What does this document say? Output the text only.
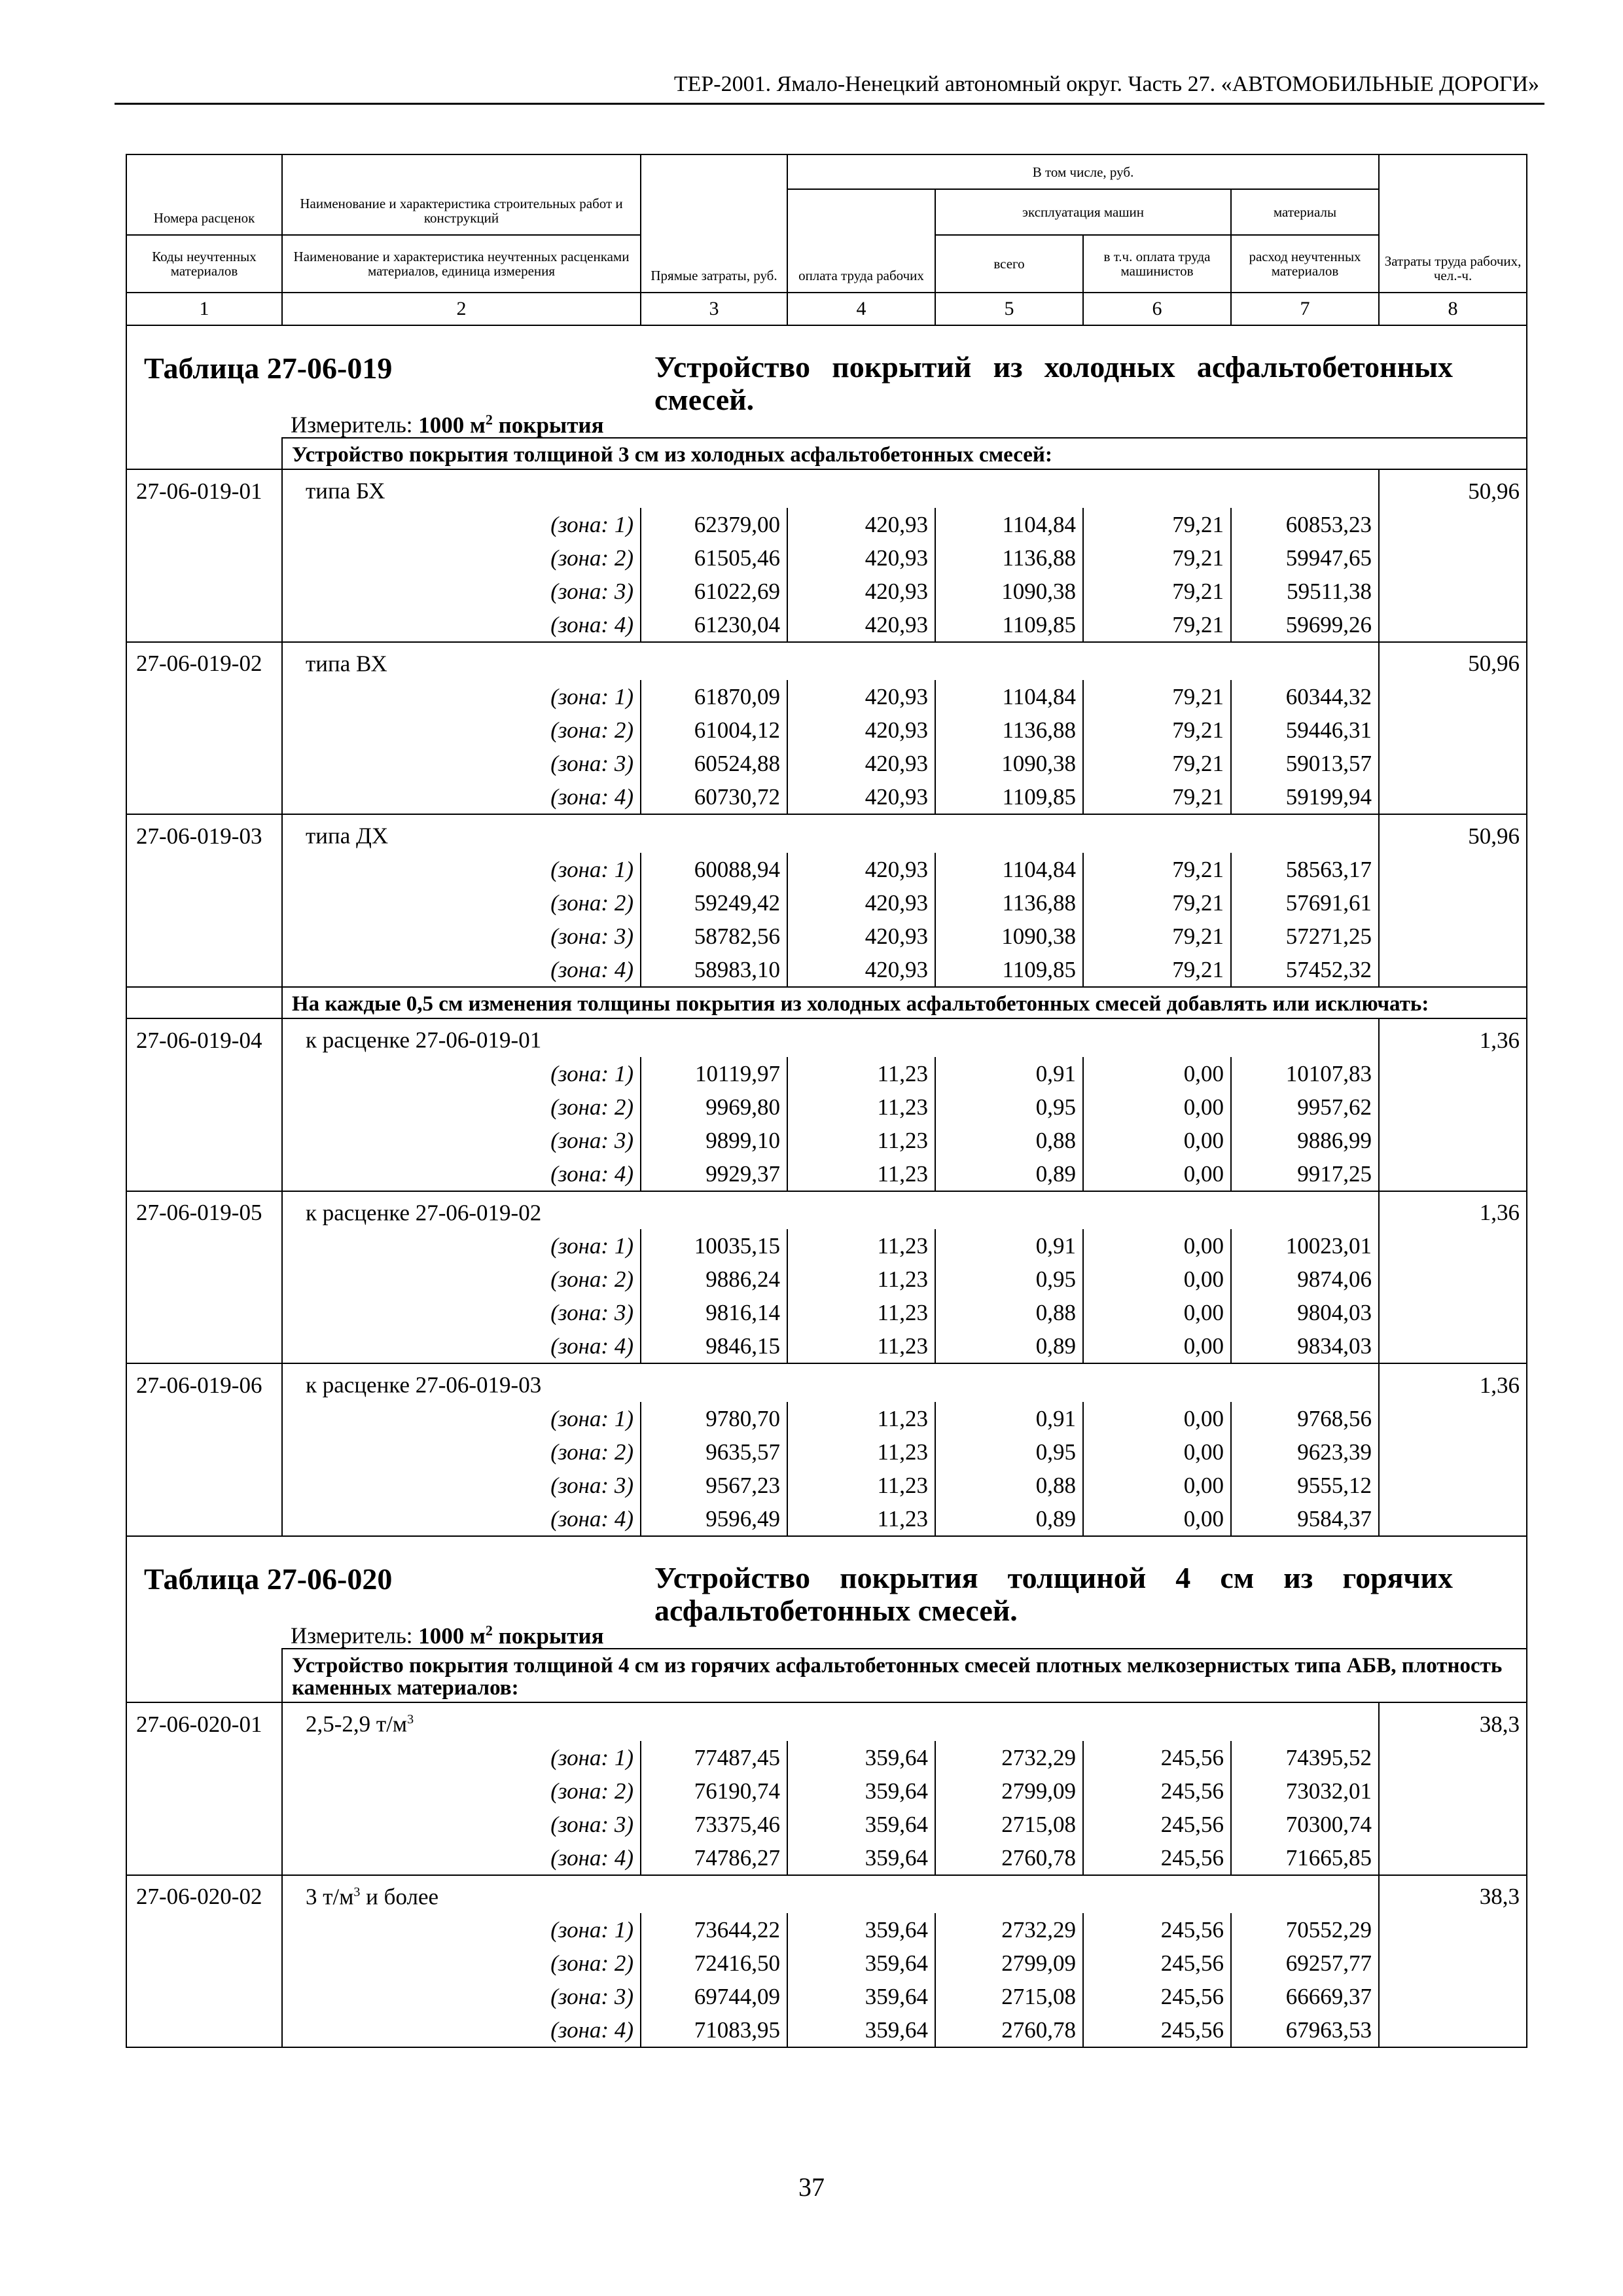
ТЕР-2001. Ямало-Ненецкий автономный округ. Часть 27. «АВТОМОБИЛЬНЫЕ ДОРОГИ»
Номера расценок	Наименование и характеристика строительных работ и конструкций	Прямые затраты, руб.	В том числе, руб.				Затраты труда рабочих, чел.-ч.
			оплата труда рабочих	эксплуатация машин		материалы	
Коды неучтенных материалов	Наименование и характеристика неучтенных расценками материалов, единица измерения			всего	в т.ч. оплата труда машинистов	расход неучтенных материалов	
1	2	3	4	5	6	7	8

Таблица 27-06-019 Устройство покрытий из холодных асфальтобетонных смесей.
Измеритель: 1000 $м^2$ покрытия							

	Устройство покрытия толщиной 3 см из холодных асфальтобетонных смесей:						
27-06-019-01	типа БХ						50,96
	(зона: 1)	62379,00	420,93	1104,84	79,21	60853,23	
	(зона: 2)	61505,46	420,93	1136,88	79,21	59947,65	
	(зона: 3)	61022,69	420,93	1090,38	79,21	59511,38	
	(зона: 4)	61230,04	420,93	1109,85	79,21	59699,26	
27-06-019-02	типа ВХ						50,96
	(зона: 1)	61870,09	420,93	1104,84	79,21	60344,32	
	(зона: 2)	61004,12	420,93	1136,88	79,21	59446,31	
	(зона: 3)	60524,88	420,93	1090,38	79,21	59013,57	
	(зона: 4)	60730,72	420,93	1109,85	79,21	59199,94	
27-06-019-03	типа ДХ						50,96
	(зона: 1)	60088,94	420,93	1104,84	79,21	58563,17	
	(зона: 2)	59249,42	420,93	1136,88	79,21	57691,61	
	(зона: 3)	58782,56	420,93	1090,38	79,21	57271,25	
	(зона: 4)	58983,10	420,93	1109,85	79,21	57452,32	
	На каждые 0,5 см изменения толщины покрытия из холодных асфальтобетонных смесей добавлять или исключать:						
27-06-019-04	к расценке 27-06-019-01						1,36
	(зона: 1)	10119,97	11,23	0,91	0,00	10107,83	
	(зона: 2)	9969,80	11,23	0,95	0,00	9957,62	
	(зона: 3)	9899,10	11,23	0,88	0,00	9886,99	
	(зона: 4)	9929,37	11,23	0,89	0,00	9917,25	
27-06-019-05	к расценке 27-06-019-02						1,36
	(зона: 1)	10035,15	11,23	0,91	0,00	10023,01	
	(зона: 2)	9886,24	11,23	0,95	0,00	9874,06	
	(зона: 3)	9816,14	11,23	0,88	0,00	9804,03	
	(зона: 4)	9846,15	11,23	0,89	0,00	9834,03	
27-06-019-06	к расценке 27-06-019-03						1,36
	(зона: 1)	9780,70	11,23	0,91	0,00	9768,56	
	(зона: 2)	9635,57	11,23	0,95	0,00	9623,39	
	(зона: 3)	9567,23	11,23	0,88	0,00	9555,12	
	(зона: 4)	9596,49	11,23	0,89	0,00	9584,37	

Таблица 27-06-020 Устройство покрытия толщиной 4 см из горячих асфальтобетонных смесей.
Измеритель: 1000 $м^2$ покрытия							

	Устройство покрытия толщиной 4 см из горячих асфальтобетонных смесей плотных мелкозернистых типа АБВ, плотность каменных материалов:						
27-06-020-01	2,5-2,9 $т/м^3$						38,3
	(зона: 1)	77487,45	359,64	2732,29	245,56	74395,52	
	(зона: 2)	76190,74	359,64	2799,09	245,56	73032,01	
	(зона: 3)	73375,46	359,64	2715,08	245,56	70300,74	
	(зона: 4)	74786,27	359,64	2760,78	245,56	71665,85	
27-06-020-02	3 $т/м^3$ и более						38,3
	(зона: 1)	73644,22	359,64	2732,29	245,56	70552,29	
	(зона: 2)	72416,50	359,64	2799,09	245,56	69257,77	
	(зона: 3)	69744,09	359,64	2715,08	245,56	66669,37	
	(зона: 4)	71083,95	359,64	2760,78	245,56	67963,53	
37
